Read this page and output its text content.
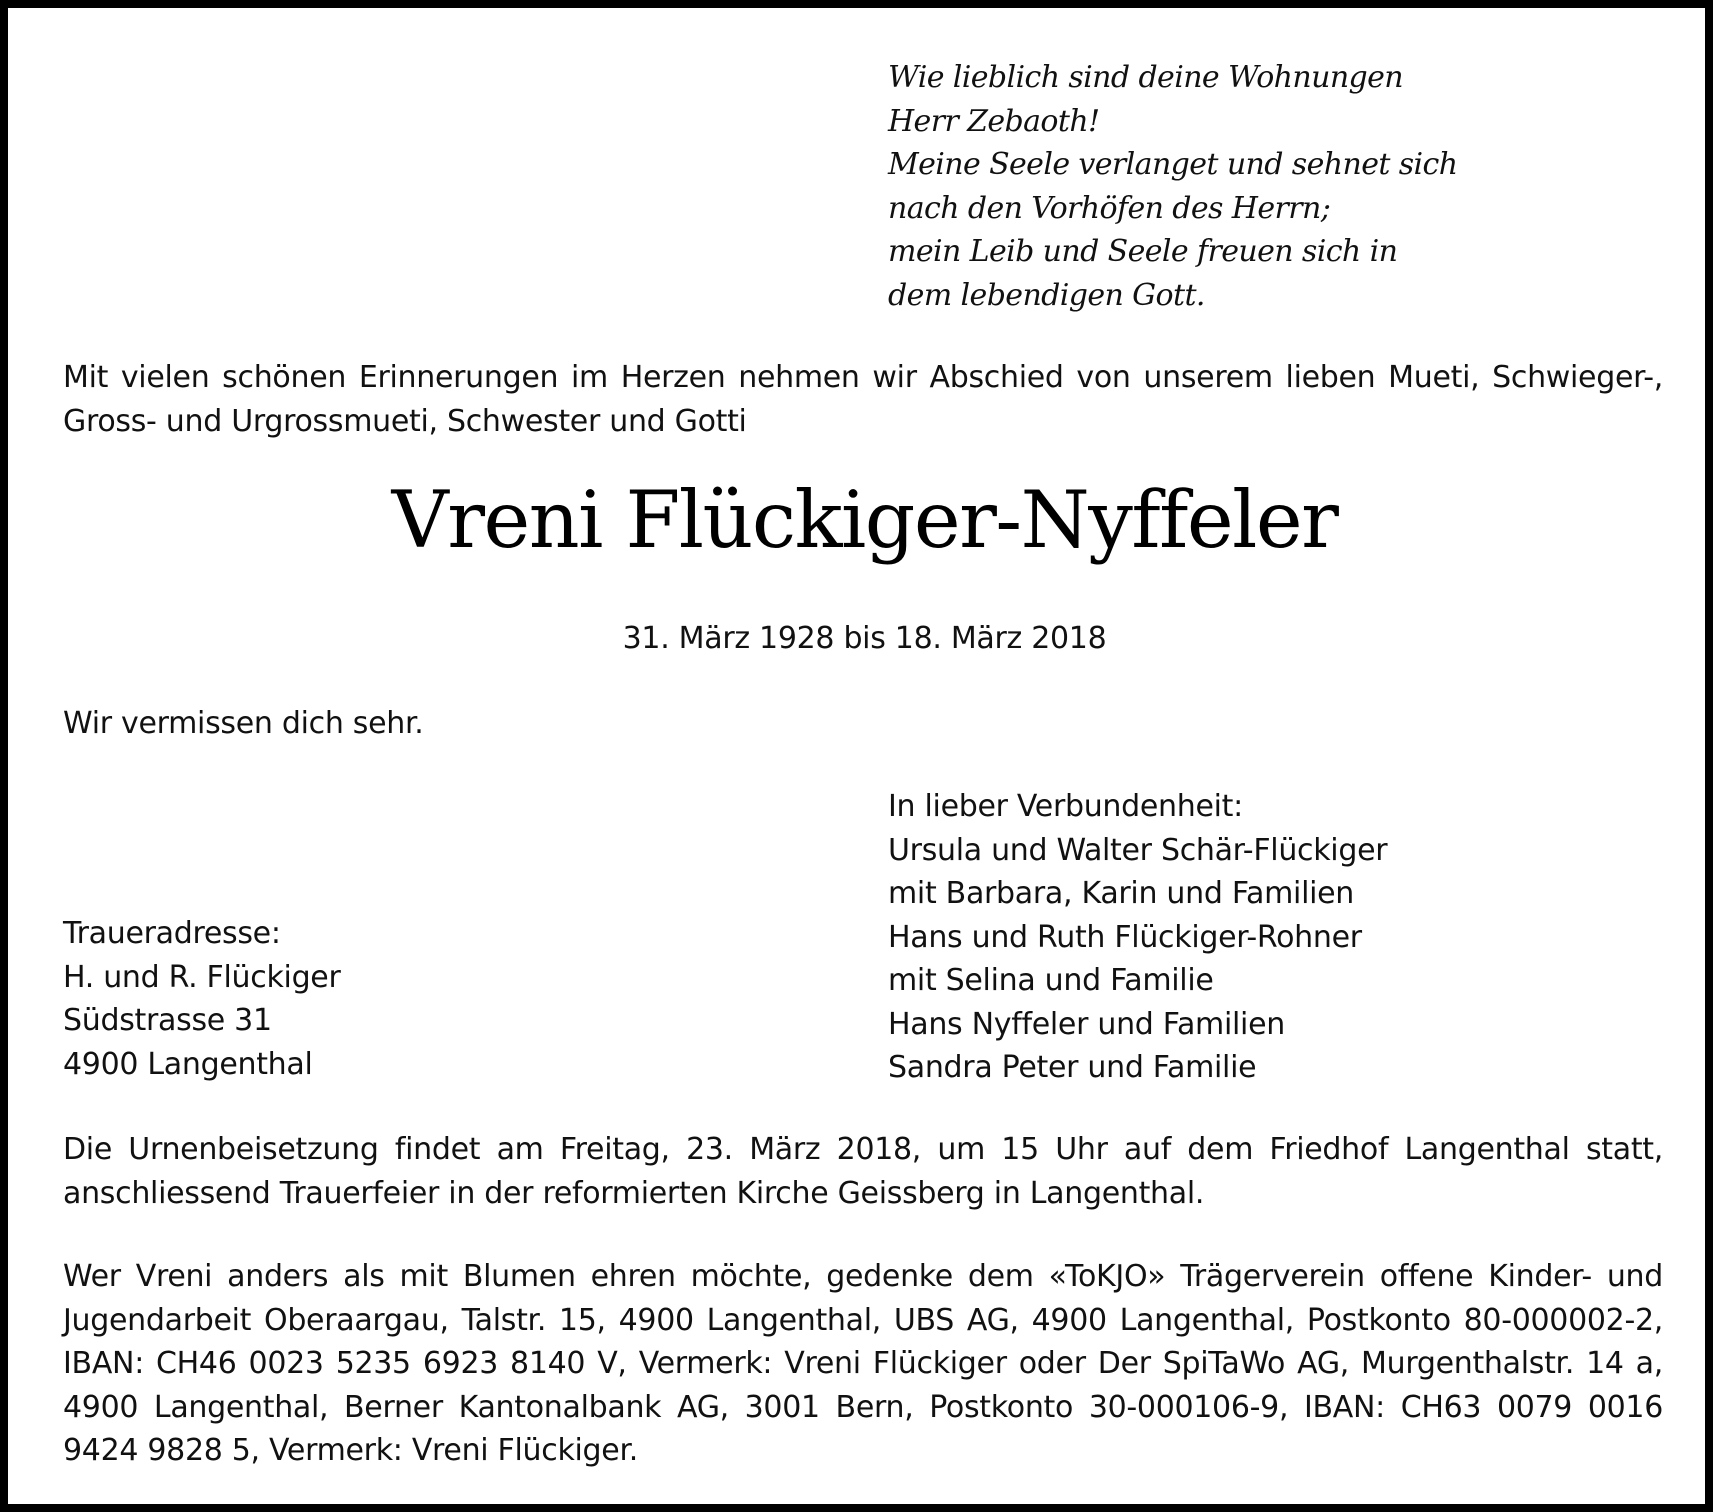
Wie lieblich sind deine Wohnungen
Herr Zebaoth!
Meine Seele verlanget und sehnet sich
nach den Vorhöfen des Herrn;
mein Leib und Seele freuen sich in
dem lebendigen Gott.
Mit vielen schönen Erinnerungen im Herzen nehmen wir Abschied von unserem lieben Mueti, Schwieger-,
Gross- und Urgrossmueti, Schwester und Gotti
Vreni Flückiger-Nyffeler
31. März 1928 bis 18. März 2018
Wir vermissen dich sehr.
In lieber Verbundenheit:
Ursula und Walter Schär-Flückiger
mit Barbara, Karin und Familien
Hans und Ruth Flückiger-Rohner
mit Selina und Familie
Hans Nyffeler und Familien
Sandra Peter und Familie
Traueradresse:
H. und R. Flückiger
Südstrasse 31
4900 Langenthal
Die Urnenbeisetzung findet am Freitag, 23. März 2018, um 15 Uhr auf dem Friedhof Langenthal statt,
anschliessend Trauerfeier in der reformierten Kirche Geissberg in Langenthal.
Wer Vreni anders als mit Blumen ehren möchte, gedenke dem «ToKJO» Trägerverein offene Kinder- und
Jugendarbeit Oberaargau, Talstr. 15, 4900 Langenthal, UBS AG, 4900 Langenthal, Postkonto 80-000002-2,
IBAN: CH46 0023 5235 6923 8140 V, Vermerk: Vreni Flückiger oder Der SpiTaWo AG, Murgenthalstr. 14 a,
4900 Langenthal, Berner Kantonalbank AG, 3001 Bern, Postkonto 30-000106-9, IBAN: CH63 0079 0016
9424 9828 5, Vermerk: Vreni Flückiger.
